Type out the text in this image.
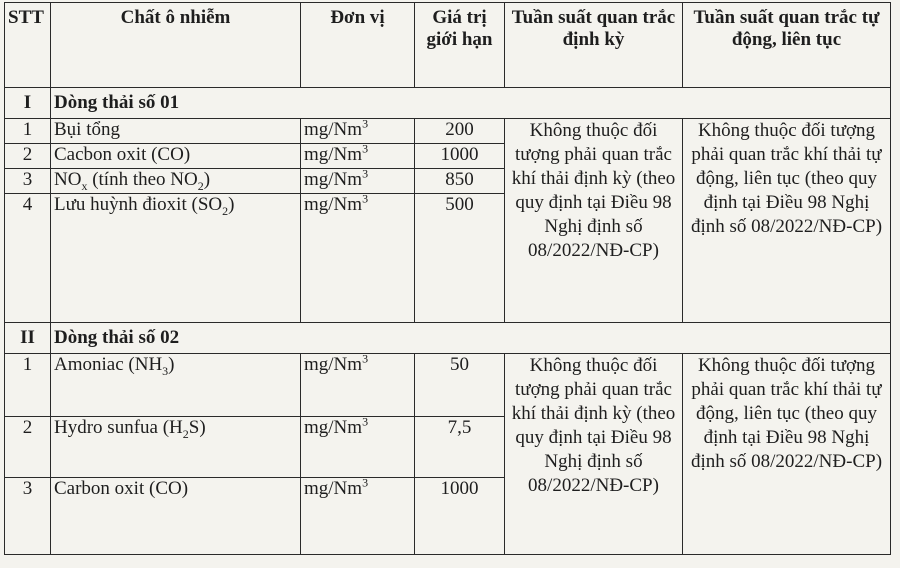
STT	Chất ô nhiễm	Đơn vị	Giá trị giới hạn	Tuần suất quan trắc định kỳ	Tuần suất quan trắc tự động, liên tục
I	Dòng thải số 01				
1	Bụi tổng	mg/Nm$^3$	200	Không thuộc đối tượng phải quan trắc khí thải định kỳ (theo quy định tại Điều 98 Nghị định số 08/2022/NĐ-CP)	Không thuộc đối tượng phải quan trắc khí thải tự động, liên tục (theo quy định tại Điều 98 Nghị định số 08/2022/NĐ-CP)
2	Cacbon oxit (CO)	mg/Nm$^3$	1000		
3	$NO_x$ (tính theo $NO_2$)	mg/Nm$^3$	850		
4	Lưu huỳnh đioxit $(SO_2)$	mg/Nm$^3$	500		
II	Dòng thải số 02				
1	Amoniac $(NH_3)$	mg/Nm$^3$	50	Không thuộc đối tượng phải quan trắc khí thải định kỳ (theo quy định tại Điều 98 Nghị định số 08/2022/NĐ-CP)	Không thuộc đối tượng phải quan trắc khí thải tự động, liên tục (theo quy định tại Điều 98 Nghị định số 08/2022/NĐ-CP)
2	Hydro sunfua $(H_2S)$	mg/Nm$^3$	7,5		
3	Carbon oxit (CO)	mg/Nm$^3$	1000		
